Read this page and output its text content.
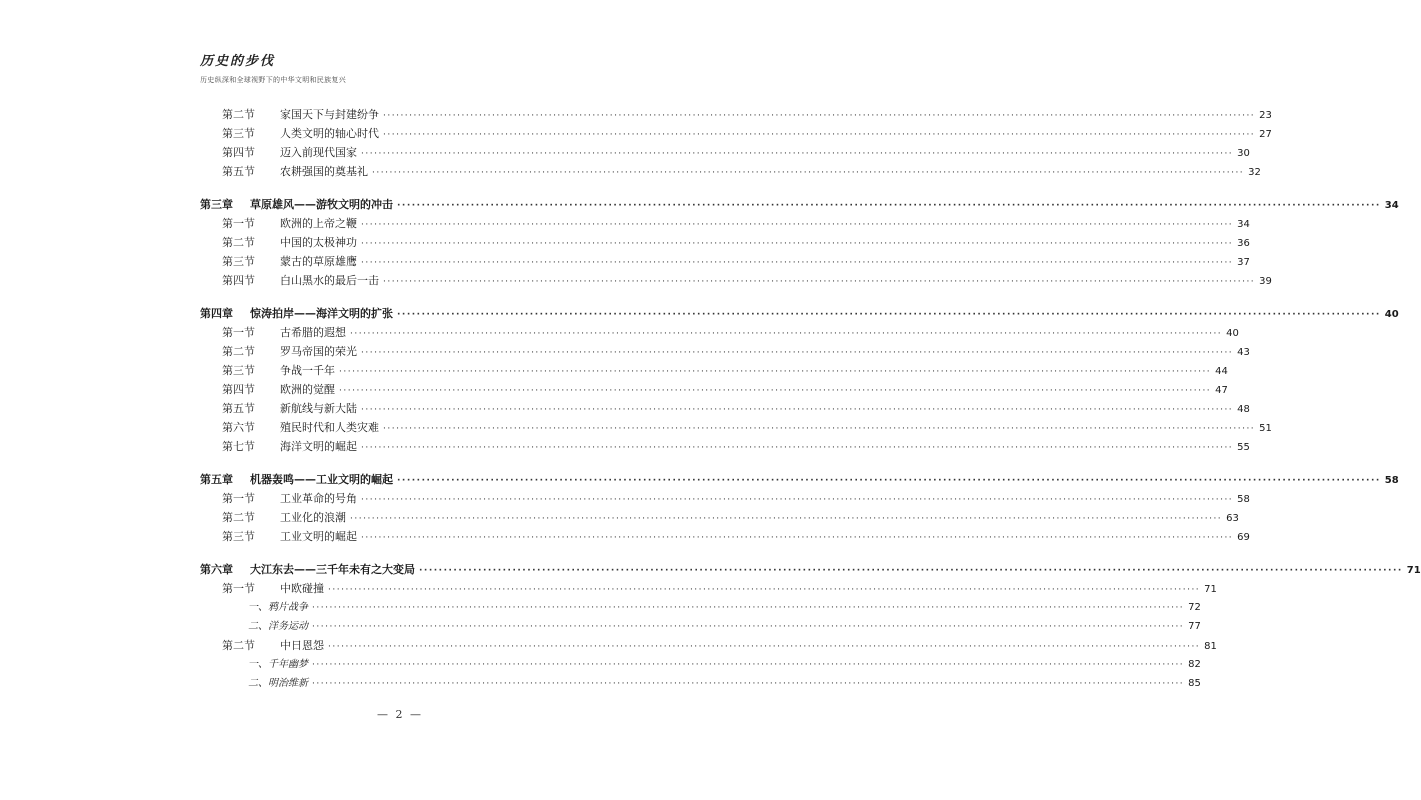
历史的步伐
历史纵深和全球视野下的中华文明和民族复兴
第二节	家国天下与封建纷争 ········································································································································································································ 23
第三节	人类文明的轴心时代 ········································································································································································································ 27
第四节	迈入前现代国家 ········································································································································································································ 30
第五节	农耕强国的奠基礼 ········································································································································································································ 32
第三章	草原雄风——游牧文明的冲击 ········································································································································································································ 34
第一节	欧洲的上帝之鞭 ········································································································································································································ 34
第二节	中国的太极神功 ········································································································································································································ 36
第三节	蒙古的草原雄鹰 ········································································································································································································ 37
第四节	白山黑水的最后一击 ········································································································································································································ 39
第四章	惊涛拍岸——海洋文明的扩张 ········································································································································································································ 40
第一节	古希腊的遐想 ········································································································································································································ 40
第二节	罗马帝国的荣光 ········································································································································································································ 43
第三节	争战一千年 ········································································································································································································ 44
第四节	欧洲的觉醒 ········································································································································································································ 47
第五节	新航线与新大陆 ········································································································································································································ 48
第六节	殖民时代和人类灾难 ········································································································································································································ 51
第七节	海洋文明的崛起 ········································································································································································································ 55
第五章	机器轰鸣——工业文明的崛起 ········································································································································································································ 58
第一节	工业革命的号角 ········································································································································································································ 58
第二节	工业化的浪潮 ········································································································································································································ 63
第三节	工业文明的崛起 ········································································································································································································ 69
第六章	大江东去——三千年未有之大变局 ········································································································································································································ 71
第一节	中欧碰撞 ········································································································································································································ 71
一、鸦片战争 ········································································································································································································ 72
二、洋务运动 ········································································································································································································ 77
第二节	中日恩怨 ········································································································································································································ 81
一、千年幽梦 ········································································································································································································ 82
二、明治维新 ········································································································································································································ 85
— 2 —
